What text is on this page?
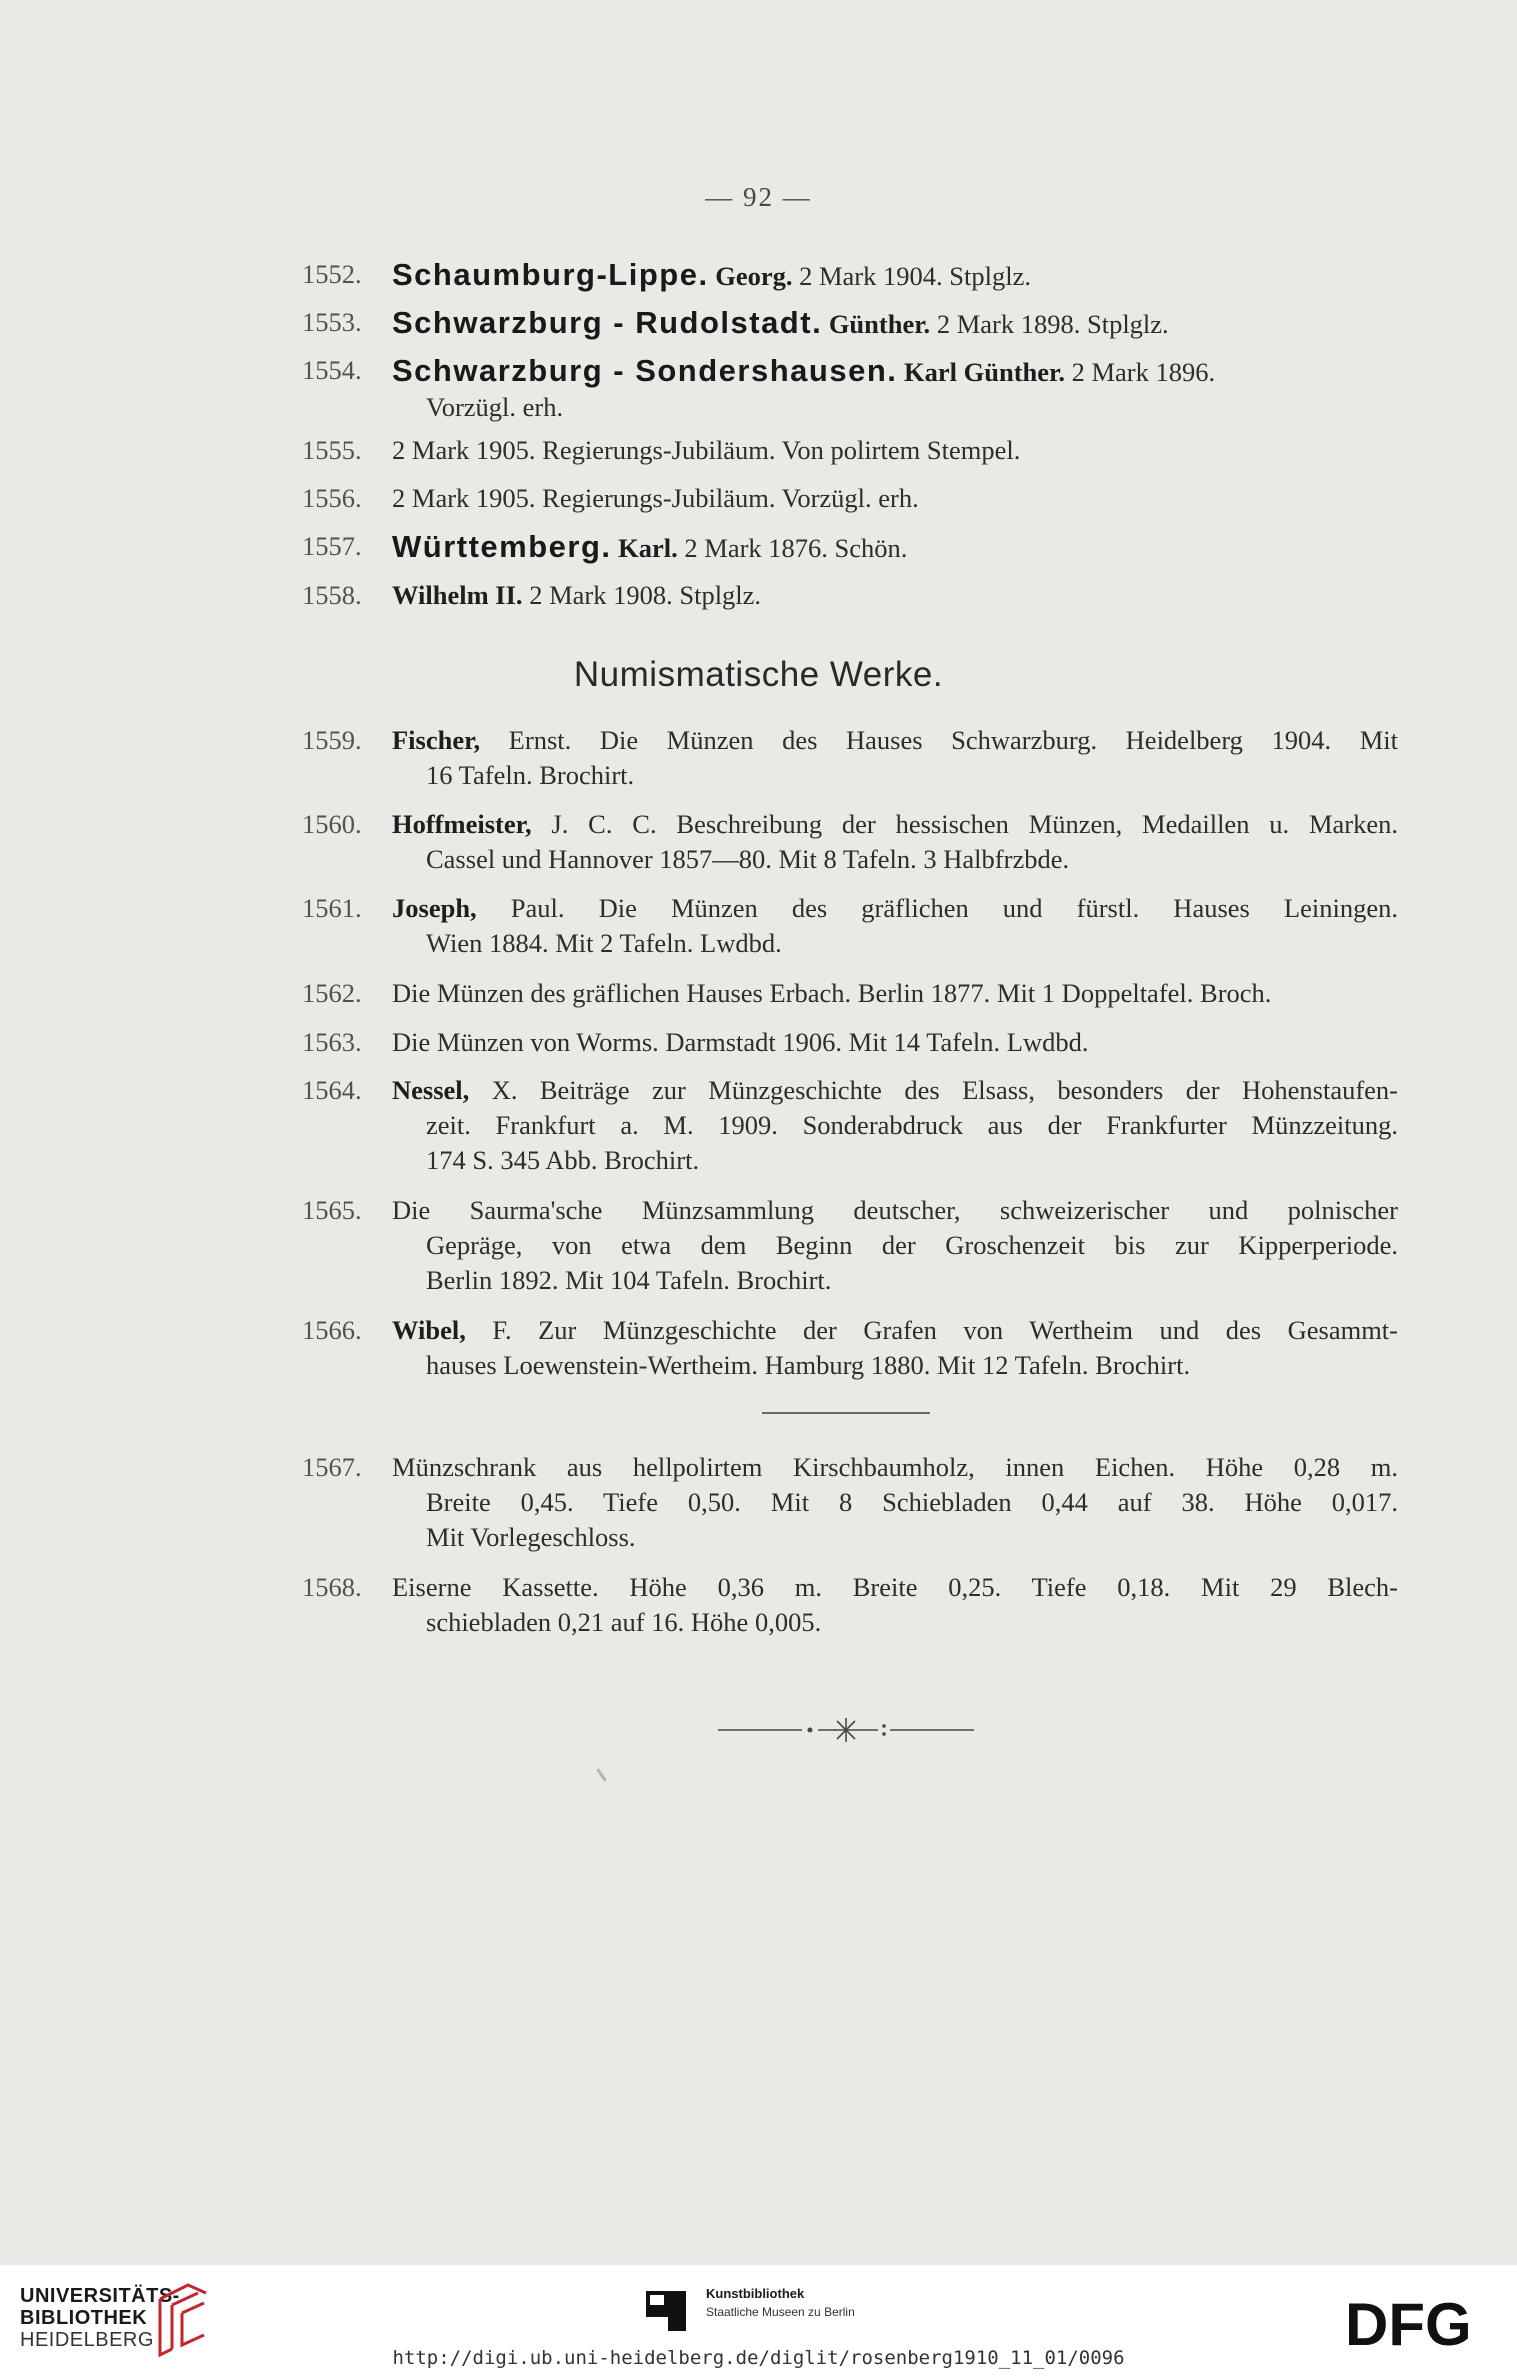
— 92 —
1552. Schaumburg-Lippe. Georg. 2 Mark 1904. Stplglz.
1553. Schwarzburg - Rudolstadt. Günther. 2 Mark 1898. Stplglz.
1554. Schwarzburg - Sondershausen. Karl Günther. 2 Mark 1896.
Vorzügl. erh.
1555. 2 Mark 1905. Regierungs-Jubiläum. Von polirtem Stempel.
1556. 2 Mark 1905. Regierungs-Jubiläum. Vorzügl. erh.
1557. Württemberg. Karl. 2 Mark 1876. Schön.
1558. Wilhelm II. 2 Mark 1908. Stplglz.
Numismatische Werke.
1559. Fischer, Ernst. Die Münzen des Hauses Schwarzburg. Heidelberg 1904. Mit
16 Tafeln. Brochirt.
1560. Hoffmeister, J. C. C. Beschreibung der hessischen Münzen, Medaillen u. Marken.
Cassel und Hannover 1857—80. Mit 8 Tafeln. 3 Halbfrzbde.
1561. Joseph, Paul. Die Münzen des gräflichen und fürstl. Hauses Leiningen.
Wien 1884. Mit 2 Tafeln. Lwdbd.
1562. Die Münzen des gräflichen Hauses Erbach. Berlin 1877. Mit 1 Doppeltafel. Broch.
1563. Die Münzen von Worms. Darmstadt 1906. Mit 14 Tafeln. Lwdbd.
1564. Nessel, X. Beiträge zur Münzgeschichte des Elsass, besonders der Hohenstaufen-
zeit. Frankfurt a. M. 1909. Sonderabdruck aus der Frankfurter Münzzeitung.
174 S. 345 Abb. Brochirt.
1565. Die Saurma'sche Münzsammlung deutscher, schweizerischer und polnischer
Gepräge, von etwa dem Beginn der Groschenzeit bis zur Kipperperiode.
Berlin 1892. Mit 104 Tafeln. Brochirt.
1566. Wibel, F. Zur Münzgeschichte der Grafen von Wertheim und des Gesammt-
hauses Loewenstein-Wertheim. Hamburg 1880. Mit 12 Tafeln. Brochirt.
1567. Münzschrank aus hellpolirtem Kirschbaumholz, innen Eichen. Höhe 0,28 m.
Breite 0,45. Tiefe 0,50. Mit 8 Schiebladen 0,44 auf 38. Höhe 0,017.
Mit Vorlegeschloss.
1568. Eiserne Kassette. Höhe 0,36 m. Breite 0,25. Tiefe 0,18. Mit 29 Blech-
schiebladen 0,21 auf 16. Höhe 0,005.
UNIVERSITÄTS-
BIBLIOTHEK
HEIDELBERG
Kunstbibliothek
Staatliche Museen zu Berlin	DFG
http://digi.ub.uni-heidelberg.de/diglit/rosenberg1910_11_01/0096
